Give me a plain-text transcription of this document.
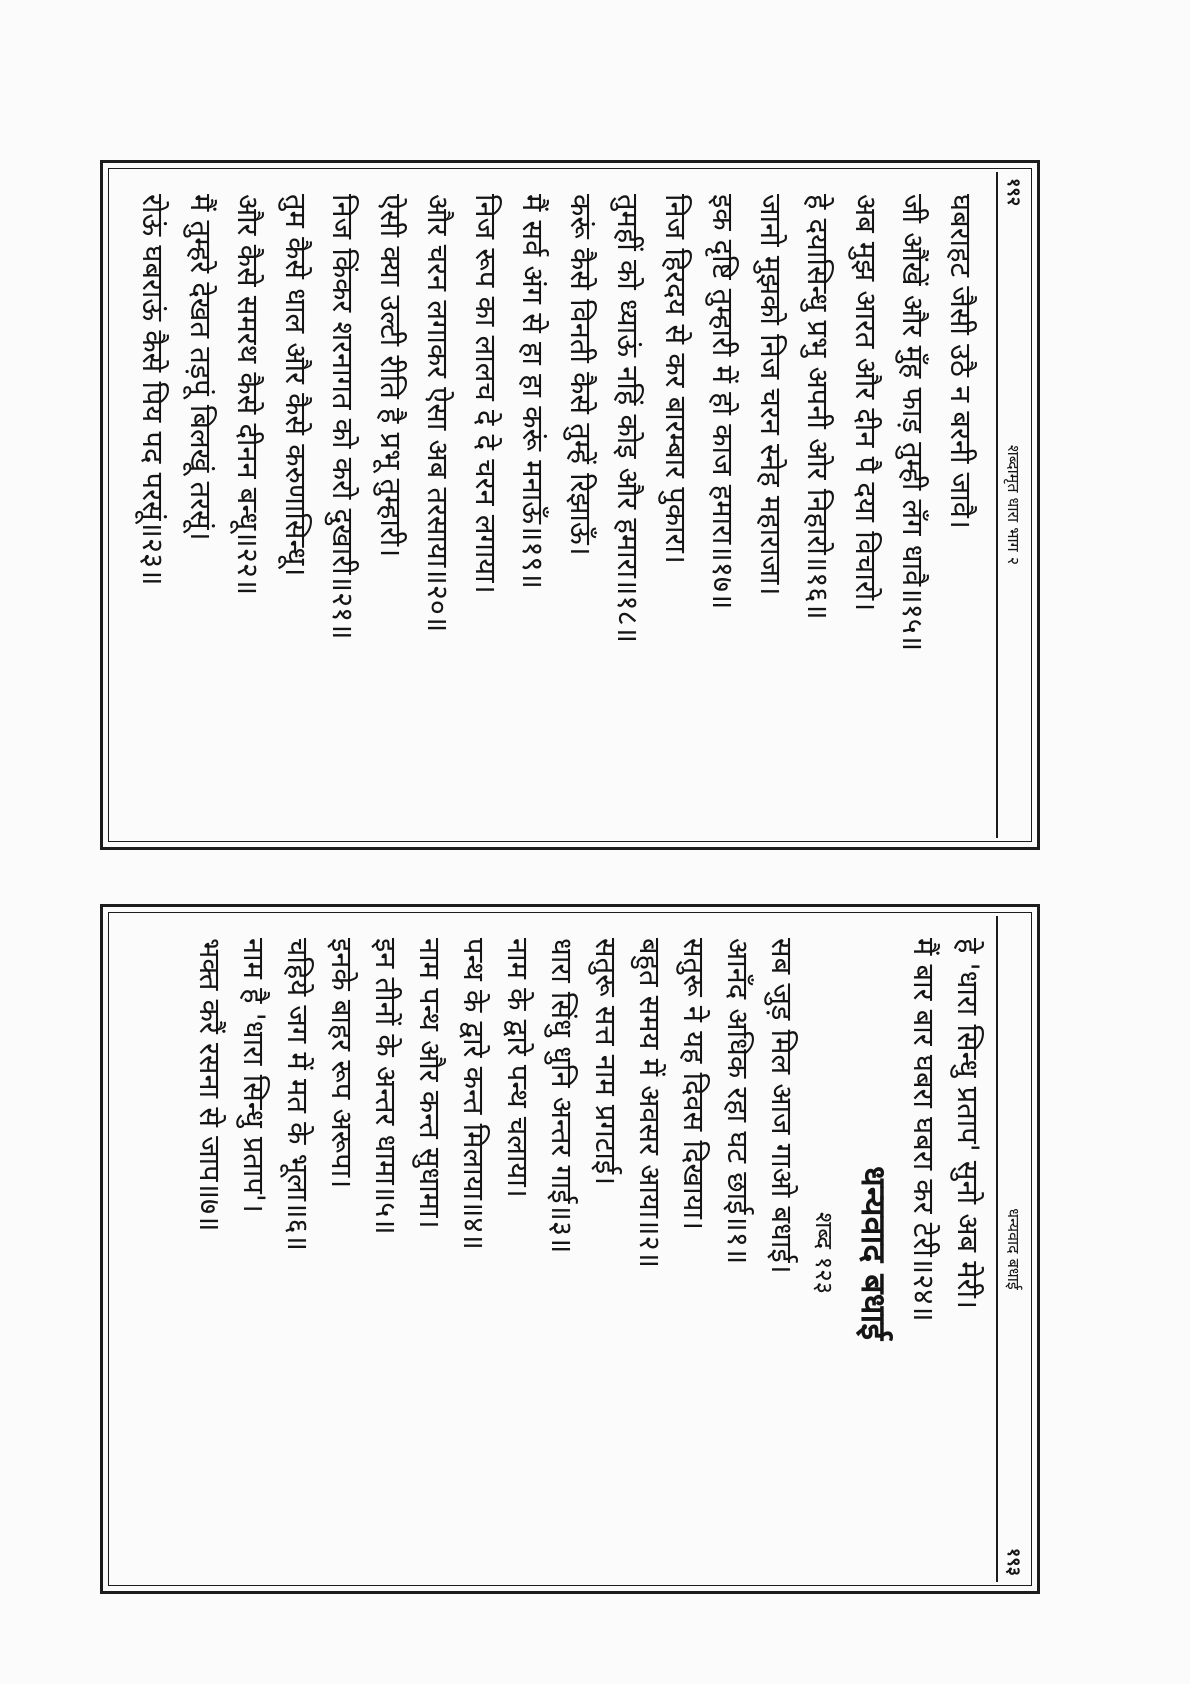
१९२
शब्दामृत धारा भाग २
घबराहट जैसी उठै न बरनी जावै।
जी औंखें और मुँह फाड़ तुम्ही लँग धावै॥१५॥
अब मुझ आरत और दीन पै दया विचारो।
हे दयासिन्धु प्रभु अपनी ओर निहारो॥१६॥
जानो मुझको निज चरन स्नेह महाराजा।
इक दृष्टि तुम्हारी में हो काज हमारा॥१७॥
निज हिरदय से कर बारम्बार पुकारा।
तुमहीं को ध्याऊं नहिं कोइ और हमारा॥१८॥
करूं कैसे विनती कैसे तुम्हें रिझाऊँ।
मैं सर्व अंग से हा हा करूं मनाऊँ॥१९॥
निज रूप का लालच दे दे चरन लगाया।
और चरन लगाकर ऐसा अब तरसाया॥२०॥
ऐसी क्या उल्टी रीति है प्रभू तुम्हारी।
निज किंकर शरनागत को करो दुखारी॥२१॥
तुम कैसे धाल और कैसे करुणासिन्धू।
और कैसे समरथ कैसे दीनन बन्धू॥२२॥
मैं तुम्हरे देखत तड़पूं बिलखूं तरसूं।
रोऊं घबराऊं कैसे पिय पद परसूं॥२३॥
धन्यवाद बधाई
१९३
हे 'धारा सिन्धु प्रताप' सुनो अब मेरी।
मैं बार बार घबरा घबरा कर टेरी॥२४॥
धन्यवाद बधाई
शब्द १२३
सब जुड़ मिल आज गाओ बधाई।
आनँद अधिक रहा घट छाई॥१॥
सतुरू ने यह दिवस दिखाया।
बहुत समय में अवसर आया॥२॥
सतुरू सत्त नाम प्रगटाई।
धारा सिंधु धुनि अन्तर गाई॥३॥
नाम के द्वारे पन्थ चलाया।
पन्थ के द्वारे कन्त मिलाया॥४॥
नाम पन्थ और कन्त सुधामा।
इन तीनों के अन्तर धामा॥५॥
इनके बाहर रूप अरूपा।
चहिये जग में मत के भूला॥६॥
नाम है 'धारा सिन्धु प्रताप'।
भक्त करैं रसना से जाप॥७॥
